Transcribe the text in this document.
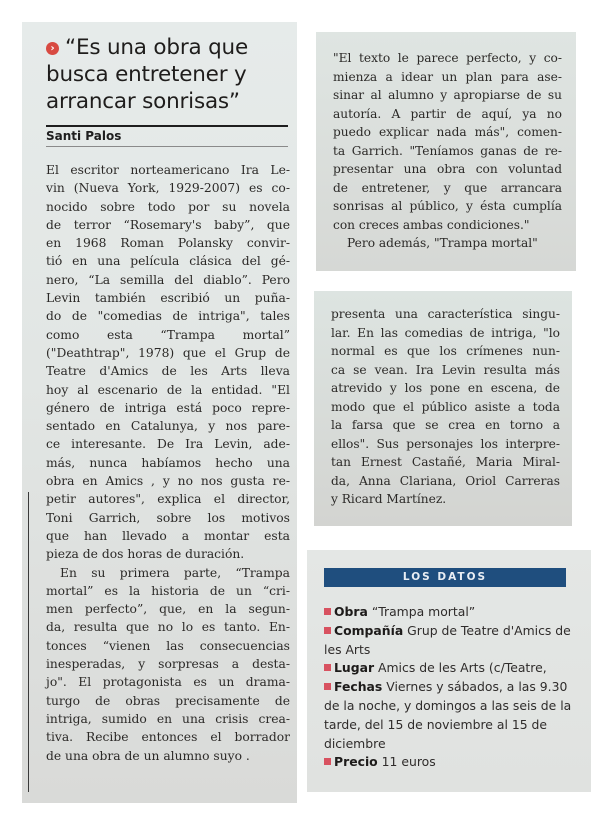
› “Es una obra que
busca entretener y
arrancar sonrisas”
Santi Palos

El escritor norteamericano Ira Le-
vin (Nueva York, 1929-2007) es co-
nocido sobre todo por su novela
de terror “Rosemary's baby”, que
en 1968 Roman Polansky convir-
tió en una película clásica del gé-
nero, “La semilla del diablo”. Pero
Levin también escribió un puña-
do de "comedias de intriga", tales
como esta “Trampa mortal”
("Deathtrap", 1978) que el Grup de
Teatre d'Amics de les Arts lleva
hoy al escenario de la entidad. "El
género de intriga está poco repre-
sentado en Catalunya, y nos pare-
ce interesante. De Ira Levin, ade-
más, nunca habíamos hecho una
obra en Amics , y no nos gusta re-
petir autores", explica el director,
Toni Garrich, sobre los motivos
que han llevado a montar esta
pieza de dos horas de duración.

En su primera parte, “Trampa
mortal” es la historia de un “cri-
men perfecto”, que, en la segun-
da, resulta que no lo es tanto. En-
tonces “vienen las consecuencias
inesperadas, y sorpresas a desta-
jo". El protagonista es un drama-
turgo de obras precisamente de
intriga, sumido en una crisis crea-
tiva. Recibe entonces el borrador
de una obra de un alumno suyo .

"El texto le parece perfecto, y co-
mienza a idear un plan para ase-
sinar al alumno y apropiarse de su
autoría. A partir de aquí, ya no
puedo explicar nada más", comen-
ta Garrich. "Teníamos ganas de re-
presentar una obra con voluntad
de entretener, y que arrancara
sonrisas al público, y ésta cumplía
con creces ambas condiciones."
Pero además, "Trampa mortal"
presenta una característica singu-
lar. En las comedias de intriga, "lo
normal es que los crímenes nun-
ca se vean. Ira Levin resulta más
atrevido y los pone en escena, de
modo que el público asiste a toda
la farsa que se crea en torno a
ellos". Sus personajes los interpre-
tan Ernest Castañé, Maria Miral-
da, Anna Clariana, Oriol Carreras
y Ricard Martínez.
LOS DATOS

Obra “Trampa mortal”

Compañía Grup de Teatre d'Amics de les Arts

Lugar Amics de les Arts (c/Teatre,

Fechas Viernes y sábados, a las 9.30 de la noche, y domingos a las seis de la tarde, del 15 de noviembre al 15 de diciembre

Precio 11 euros
